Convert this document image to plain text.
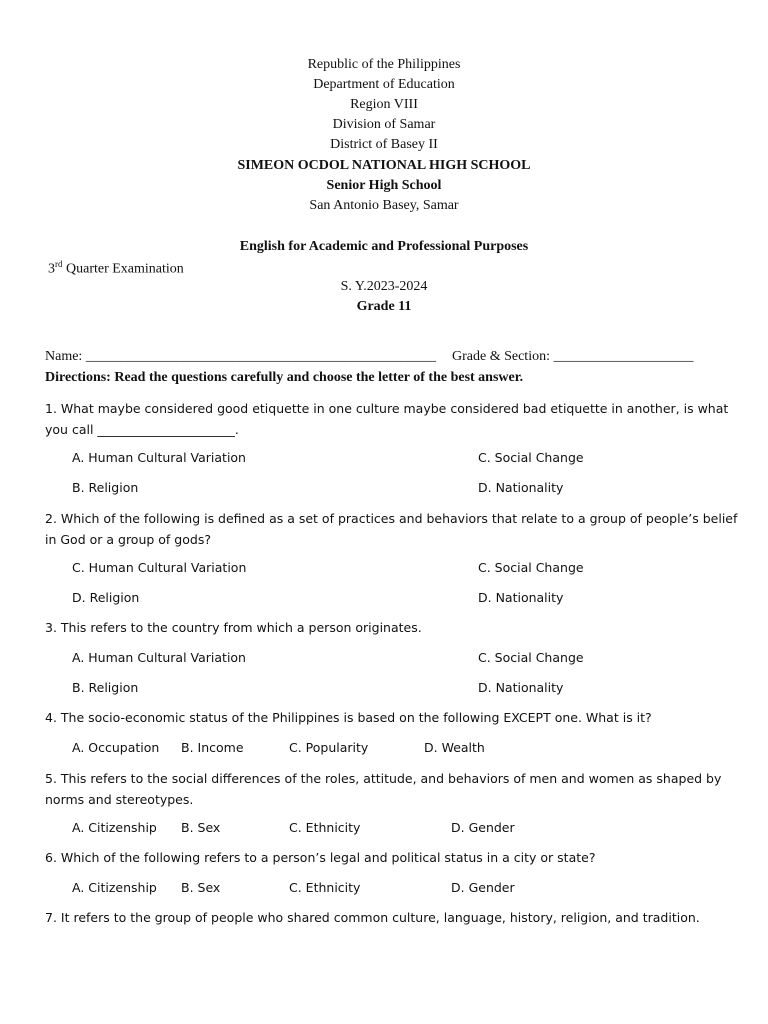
Republic of the Philippines
Department of Education
Region VIII
Division of Samar
District of Basey II
SIMEON OCDOL NATIONAL HIGH SCHOOL
Senior High School
San Antonio Basey, Samar
English for Academic and Professional Purposes
3rd Quarter Examination
S. Y.2023-2024
Grade 11
Name: __________________________________________________ Grade & Section: ____________________
Directions: Read the questions carefully and choose the letter of the best answer.
1. What maybe considered good etiquette in one culture maybe considered bad etiquette in another, is what you call ______________________.
A. Human Cultural Variation	C. Social Change
B. Religion	D. Nationality
2. Which of the following is defined as a set of practices and behaviors that relate to a group of people’s belief in God or a group of gods?
C. Human Cultural Variation	C. Social Change
D. Religion	D. Nationality
3. This refers to the country from which a person originates.
A. Human Cultural Variation	C. Social Change
B. Religion	D. Nationality
4. The socio-economic status of the Philippines is based on the following EXCEPT one. What is it?
A. Occupation B. Income	C. Popularity	D. Wealth
5. This refers to the social differences of the roles, attitude, and behaviors of men and women as shaped by norms and stereotypes.
A. Citizenship B. Sex	C. Ethnicity	D. Gender
6. Which of the following refers to a person’s legal and political status in a city or state?
A. Citizenship B. Sex	C. Ethnicity	D. Gender
7. It refers to the group of people who shared common culture, language, history, religion, and tradition.
